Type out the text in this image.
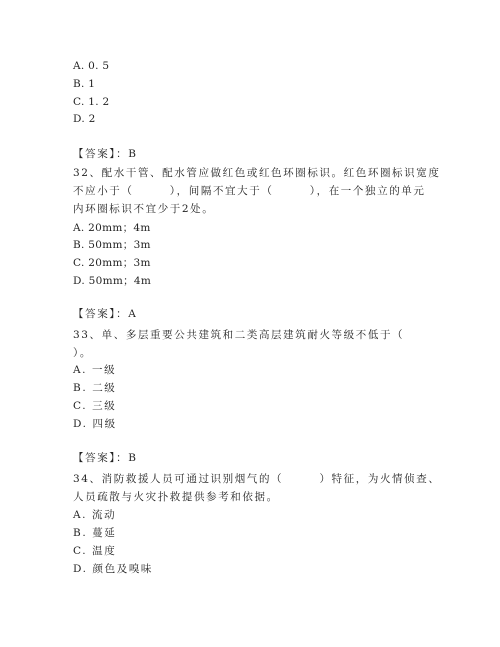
A. 0. 5
B. 1
C. 1. 2
D. 2
【答案】：B
32、配水干管、配水管应做红色或红色环圈标识。红色环圈标识宽度
不应小于（　　　），间隔不宜大于（　　　），在一个独立的单元
内环圈标识不宜少于2处。
A. 20mm；4m
B. 50mm；3m
C. 20mm；3m
D. 50mm；4m
【答案】：A
33、单、多层重要公共建筑和二类高层建筑耐火等级不低于（
）。
A. 一级
B. 二级
C. 三级
D. 四级
【答案】：B
34、消防救援人员可通过识别烟气的（　　　）特征，为火情侦查、
人员疏散与火灾扑救提供参考和依据。
A. 流动
B. 蔓延
C. 温度
D. 颜色及嗅味
